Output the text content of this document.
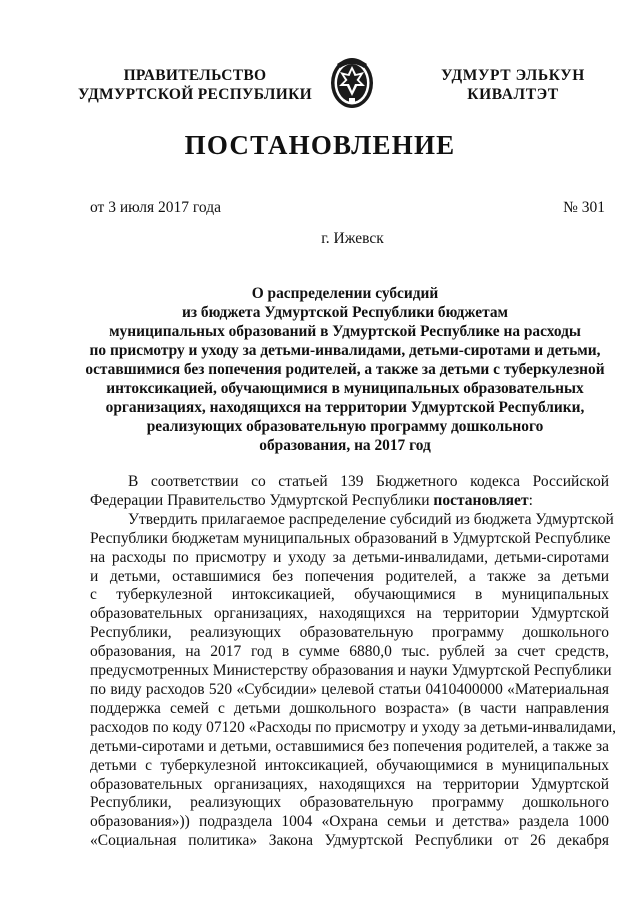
ПРАВИТЕЛЬСТВО
УДМУРТСКОЙ РЕСПУБЛИКИ
УДМУРТ ЭЛЬКУН
КИВАЛТЭТ
ПОСТАНОВЛЕНИЕ
от 3 июля 2017 года	№ 301
г. Ижевск
О распределении субсидий
из бюджета Удмуртской Республики бюджетам
муниципальных образований в Удмуртской Республике на расходы
по присмотру и уходу за детьми-инвалидами, детьми-сиротами и детьми,
оставшимися без попечения родителей, а также за детьми с туберкулезной
интоксикацией, обучающимися в муниципальных образовательных
организациях, находящихся на территории Удмуртской Республики,
реализующих образовательную программу дошкольного
образования, на 2017 год
В соответствии со статьей 139 Бюджетного кодекса Российской
Федерации Правительство Удмуртской Республики постановляет:
Утвердить прилагаемое распределение субсидий из бюджета Удмуртской
Республики бюджетам муниципальных образований в Удмуртской Республике
на расходы по присмотру и уходу за детьми-инвалидами, детьми-сиротами
и детьми, оставшимися без попечения родителей, а также за детьми
с туберкулезной интоксикацией, обучающимися в муниципальных
образовательных организациях, находящихся на территории Удмуртской
Республики, реализующих образовательную программу дошкольного
образования, на 2017 год в сумме 6880,0 тыс. рублей за счет средств,
предусмотренных Министерству образования и науки Удмуртской Республики
по виду расходов 520 «Субсидии» целевой статьи 0410400000 «Материальная
поддержка семей с детьми дошкольного возраста» (в части направления
расходов по коду 07120 «Расходы по присмотру и уходу за детьми-инвалидами,
детьми-сиротами и детьми, оставшимися без попечения родителей, а также за
детьми с туберкулезной интоксикацией, обучающимися в муниципальных
образовательных организациях, находящихся на территории Удмуртской
Республики, реализующих образовательную программу дошкольного
образования»)) подраздела 1004 «Охрана семьи и детства» раздела 1000
«Социальная политика» Закона Удмуртской Республики от 26 декабря
